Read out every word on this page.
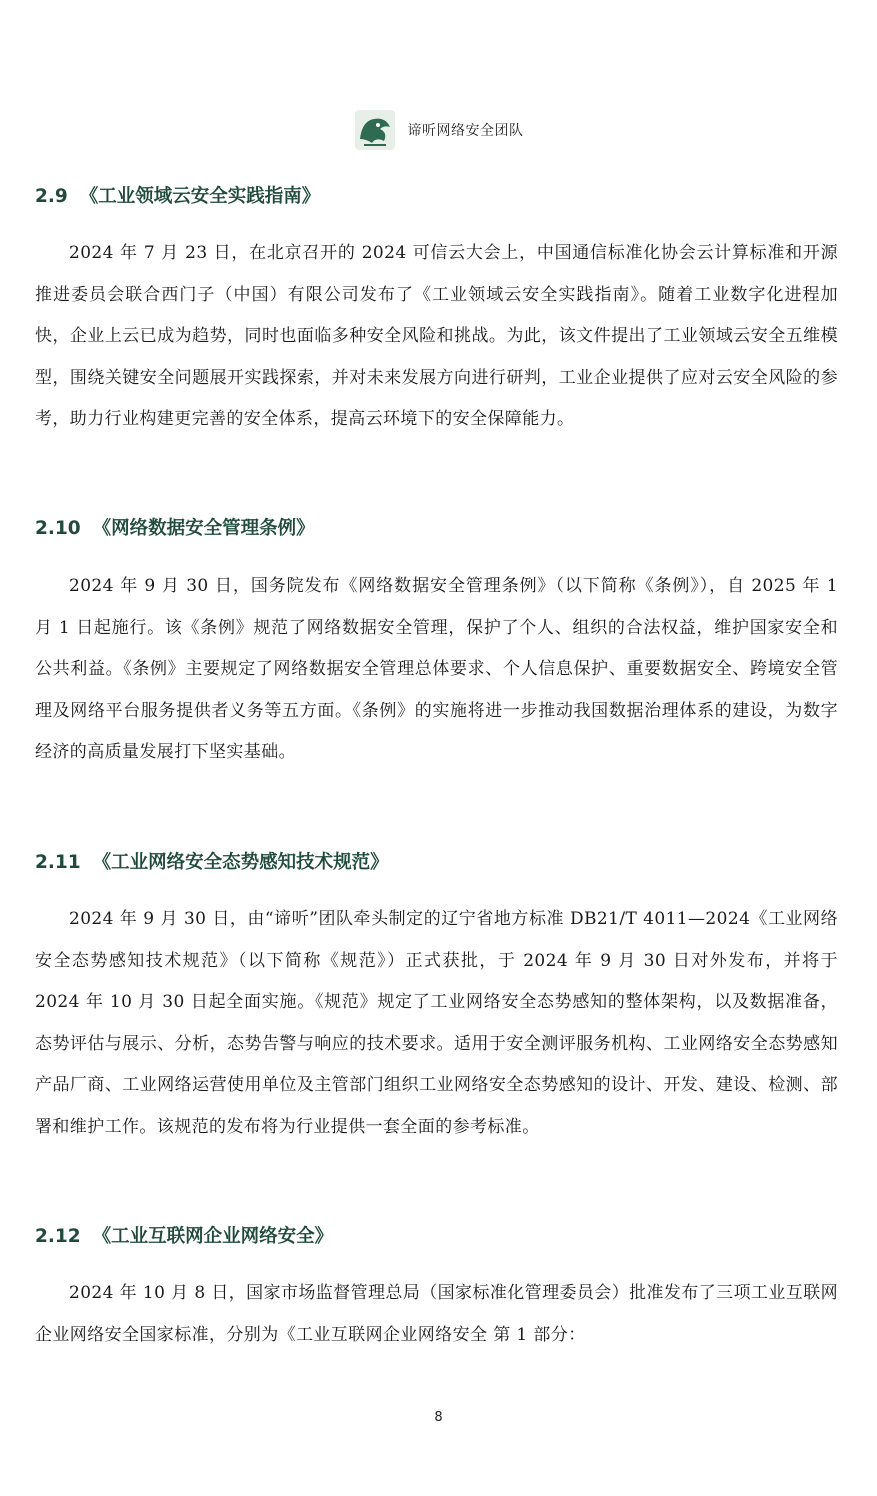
谛听网络安全团队
2.9 《工业领域云安全实践指南》

2024 年 7 月 23 日，在北京召开的 2024 可信云大会上，中国通信标准化协会云计算标准和开源推进委员会联合西门子（中国）有限公司发布了《工业领域云安全实践指南》。随着工业数字化进程加快，企业上云已成为趋势，同时也面临多种安全风险和挑战。为此，该文件提出了工业领域云安全五维模型，围绕关键安全问题展开实践探索，并对未来发展方向进行研判，工业企业提供了应对云安全风险的参考，助力行业构建更完善的安全体系，提高云环境下的安全保障能力。

2.10 《网络数据安全管理条例》

2024 年 9 月 30 日，国务院发布《网络数据安全管理条例》（以下简称《条例》），自 2025 年 1 月 1 日起施行。该《条例》规范了网络数据安全管理，保护了个人、组织的合法权益，维护国家安全和公共利益。《条例》主要规定了网络数据安全管理总体要求、个人信息保护、重要数据安全、跨境安全管理及网络平台服务提供者义务等五方面。《条例》的实施将进一步推动我国数据治理体系的建设，为数字经济的高质量发展打下坚实基础。

2.11 《工业网络安全态势感知技术规范》

2024 年 9 月 30 日，由“谛听”团队牵头制定的辽宁省地方标准 DB21/T 4011—2024《工业网络安全态势感知技术规范》（以下简称《规范》）正式获批，于 2024 年 9 月 30 日对外发布，并将于 2024 年 10 月 30 日起全面实施。《规范》规定了工业网络安全态势感知的整体架构，以及数据准备，态势评估与展示、分析，态势告警与响应的技术要求。适用于安全测评服务机构、工业网络安全态势感知产品厂商、工业网络运营使用单位及主管部门组织工业网络安全态势感知的设计、开发、建设、检测、部署和维护工作。该规范的发布将为行业提供一套全面的参考标准。

2.12 《工业互联网企业网络安全》

2024 年 10 月 8 日，国家市场监督管理总局（国家标准化管理委员会）批准发布了三项工业互联网企业网络安全国家标准，分别为《工业互联网企业网络安全 第 1 部分：

8
